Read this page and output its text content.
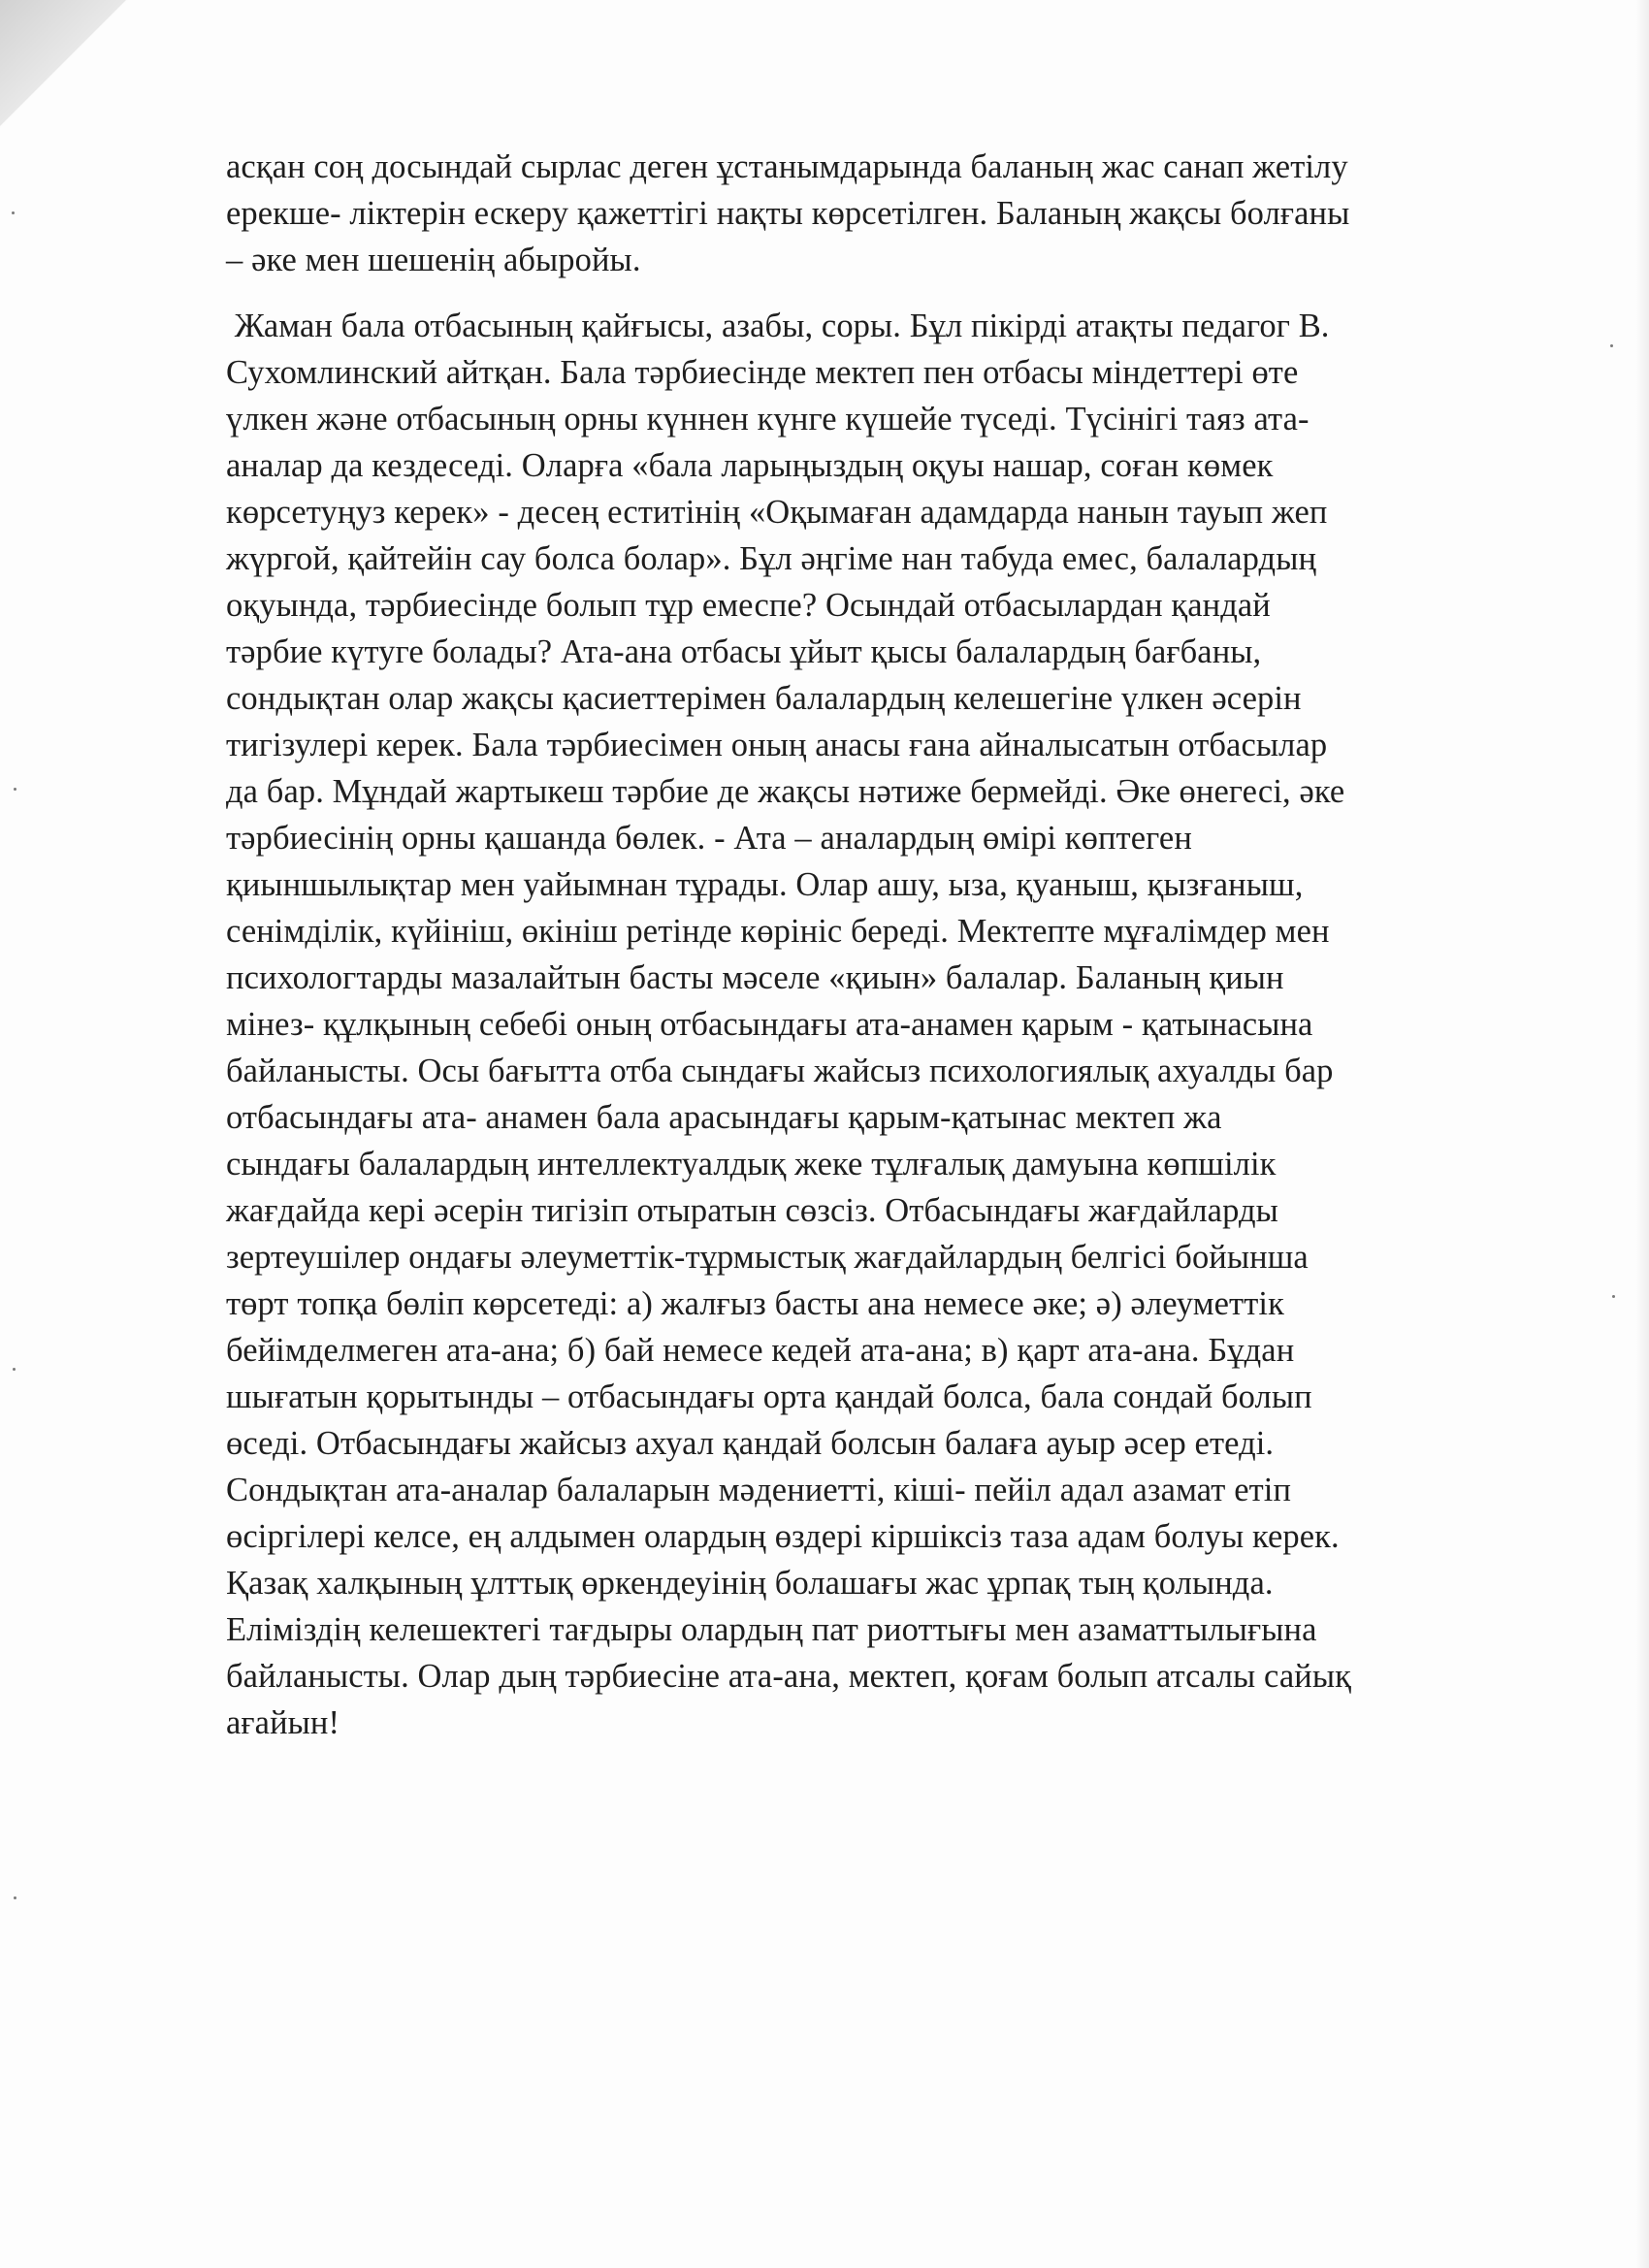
асқан соң досындай сырлас деген ұстанымдарында баланың жас санап жетілу
ерекше- ліктерін ескеру қажеттігі нақты көрсетілген. Баланың жақсы болғаны
– әке мен шешенің абыройы.

Жаман бала отбасының қайғысы, азабы, соры. Бұл пікірді атақты педагог В.
Сухомлинский айтқан. Бала тәрбиесінде мектеп пен отбасы міндеттері өте
үлкен және отбасының орны күннен күнге күшейе түседі. Түсінігі таяз ата-
аналар да кездеседі. Оларға «бала ларыңыздың оқуы нашар, соған көмек
көрсетуңуз керек» - десең еститінің «Оқымаған адамдарда нанын тауып жеп
жүргой, қайтейін сау болса болар». Бұл әңгіме нан табуда емес, балалардың
оқуында, тәрбиесінде болып тұр емеспе? Осындай отбасылардан қандай
тәрбие күтуге болады? Ата-ана отбасы ұйыт қысы балалардың бағбаны,
сондықтан олар жақсы қасиеттерімен балалардың келешегіне үлкен әсерін
тигізулері керек. Бала тәрбиесімен оның анасы ғана айналысатын отбасылар
да бар. Мұндай жартыкеш тәрбие де жақсы нәтиже бермейді. Әке өнегесі, әке
тәрбиесінің орны қашанда бөлек. - Ата – аналардың өмірі көптеген
қиыншылықтар мен уайымнан тұрады. Олар ашу, ыза, қуаныш, қызғаныш,
сенімділік, күйініш, өкініш ретінде көрініс береді. Мектепте мұғалімдер мен
психологтарды мазалайтын басты мәселе «қиын» балалар. Баланың қиын
мінез- құлқының себебі оның отбасындағы ата-анамен қарым - қатынасына
байланысты. Осы бағытта отба сындағы жайсыз психологиялық ахуалды бар
отбасындағы ата- анамен бала арасындағы қарым-қатынас мектеп жа
сындағы балалардың интеллектуалдық жеке тұлғалық дамуына көпшілік
жағдайда кері әсерін тигізіп отыратын сөзсіз. Отбасындағы жағдайларды
зертеушілер ондағы әлеуметтік-тұрмыстық жағдайлардың белгісі бойынша
төрт топқа бөліп көрсетеді: а) жалғыз басты ана немесе әке; ә) әлеуметтік
бейімделмеген ата-ана; б) бай немесе кедей ата-ана; в) қарт ата-ана. Бұдан
шығатын қорытынды – отбасындағы орта қандай болса, бала сондай болып
өседі. Отбасындағы жайсыз ахуал қандай болсын балаға ауыр әсер етеді.
Сондықтан ата-аналар балаларын мәдениетті, кіші- пейіл адал азамат етіп
өсіргілері келсе, ең алдымен олардың өздері кіршіксіз таза адам болуы керек.
Қазақ халқының ұлттық өркендеуінің болашағы жас ұрпақ тың қолында.
Еліміздің келешектегі тағдыры олардың пат риоттығы мен азаматтылығына
байланысты. Олар дың тәрбиесіне ата-ана, мектеп, қоғам болып атсалы сайық
ағайын!
